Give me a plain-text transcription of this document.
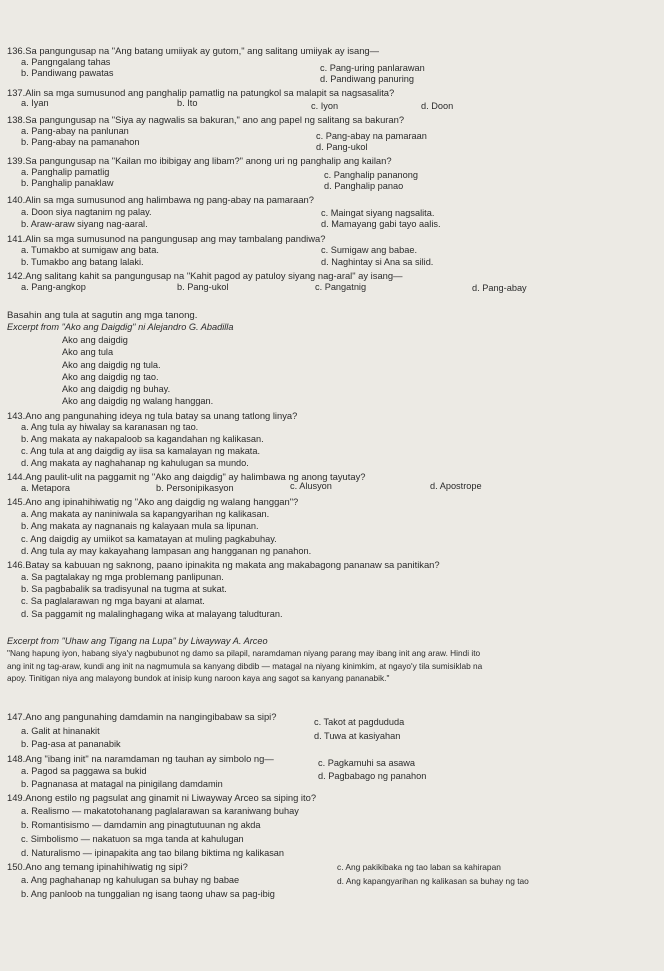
136.Sa pangungusap na "Ang batang umiiyak ay gutom," ang salitang umiiyak ay isang—
a. Pangngalang tahas
b. Pandiwang pawatas	c. Pang-uring panlarawan
d. Pandiwang panuring
137.Alin sa mga sumusunod ang panghalip pamatlig na patungkol sa malapit sa nagsasalita?
a. Iyan	b. Ito	c. Iyon	d. Doon
138.Sa pangungusap na "Siya ay nagwalis sa bakuran," ano ang papel ng salitang sa bakuran?
a. Pang-abay na panlunan
b. Pang-abay na pamanahon
c. Pang-abay na pamaraan
d. Pang-ukol
139.Sa pangungusap na "Kailan mo ibibigay ang libam?" anong uri ng panghalip ang kailan?
a. Panghalip pamatlig
b. Panghalip panaklaw
c. Panghalip pananong
d. Panghalip panao
140.Alin sa mga sumusunod ang halimbawa ng pang-abay na pamaraan?
a. Doon siya nagtanim ng palay.
b. Araw-araw siyang nag-aaral.
c. Maingat siyang nagsalita.
d. Mamayang gabi tayo aalis.
141.Alin sa mga sumusunod na pangungusap ang may tambalang pandiwa?
a. Tumakbo at sumigaw ang bata.
b. Tumakbo ang batang lalaki.
c. Sumigaw ang babae.
d. Naghintay si Ana sa silid.
142.Ang salitang kahit sa pangungusap na "Kahit pagod ay patuloy siyang nag-aral" ay isang—
a. Pang-angkop	b. Pang-ukol	c. Pangatnig	d. Pang-abay
Basahin ang tula at sagutin ang mga tanong.
Excerpt from "Ako ang Daigdig" ni Alejandro G. Abadilla
Ako ang daigdig
Ako ang tula
Ako ang daigdig ng tula.
Ako ang daigdig ng tao.
Ako ang daigdig ng buhay.
Ako ang daigdig ng walang hanggan.
143.Ano ang pangunahing ideya ng tula batay sa unang tatlong linya?
a. Ang tula ay hiwalay sa karanasan ng tao.
b. Ang makata ay nakapaloob sa kagandahan ng kalikasan.
c. Ang tula at ang daigdig ay iisa sa kamalayan ng makata.
d. Ang makata ay naghahanap ng kahulugan sa mundo.
144.Ang paulit-ulit na paggamit ng "Ako ang daigdig" ay halimbawa ng anong tayutay?
a. Metapora	b. Personipikasyon	c. Alusyon	d. Apostrope
145.Ano ang ipinahihiwatig ng "Ako ang daigdig ng walang hanggan"?
a. Ang makata ay naniniwala sa kapangyarihan ng kalikasan.
b. Ang makata ay nagnanais ng kalayaan mula sa lipunan.
c. Ang daigdig ay umiikot sa kamatayan at muling pagkabuhay.
d. Ang tula ay may kakayahang lampasan ang hangganan ng panahon.
146.Batay sa kabuuan ng saknong, paano ipinakita ng makata ang makabagong pananaw sa panitikan?
a. Sa pagtalakay ng mga problemang panlipunan.
b. Sa pagbabalik sa tradisyunal na tugma at sukat.
c. Sa paglalarawan ng mga bayani at alamat.
d. Sa paggamit ng malalinghagang wika at malayang taludturan.
Excerpt from "Uhaw ang Tigang na Lupa" by Liwayway A. Arceo
"Nang hapung iyon, habang siya'y nagbubunot ng damo sa pilapil, naramdaman niyang parang may ibang init ang araw. Hindi ito
ang init ng tag-araw, kundi ang init na nagmumula sa kanyang dibdib — matagal na niyang kinimkim, at ngayo'y tila sumisiklab na
apoy. Tinitigan niya ang malayong bundok at inisip kung naroon kaya ang sagot sa kanyang pananabik."
147.Ano ang pangunahing damdamin na nangingibabaw sa sipi?
a. Galit at hinanakit
b. Pag-asa at pananabik
c. Takot at pagdududa
d. Tuwa at kasiyahan
148.Ang "ibang init" na naramdaman ng tauhan ay simbolo ng—
a. Pagod sa paggawa sa bukid
b. Pagnanasa at matagal na pinigilang damdamin
c. Pagkamuhi sa asawa
d. Pagbabago ng panahon
149.Anong estilo ng pagsulat ang ginamit ni Liwayway Arceo sa siping ito?
a. Realismo — makatotohanang paglalarawan sa karaniwang buhay
b. Romantisismo — damdamin ang pinagtutuunan ng akda
c. Simbolismo — nakatuon sa mga tanda at kahulugan
d. Naturalismo — ipinapakita ang tao bilang biktima ng kalikasan
150.Ano ang temang ipinahihiwatig ng sipi?
a. Ang paghahanap ng kahulugan sa buhay ng babae
b. Ang panloob na tunggalian ng isang taong uhaw sa pag-ibig
c. Ang pakikibaka ng tao laban sa kahirapan
d. Ang kapangyarihan ng kalikasan sa buhay ng tao
